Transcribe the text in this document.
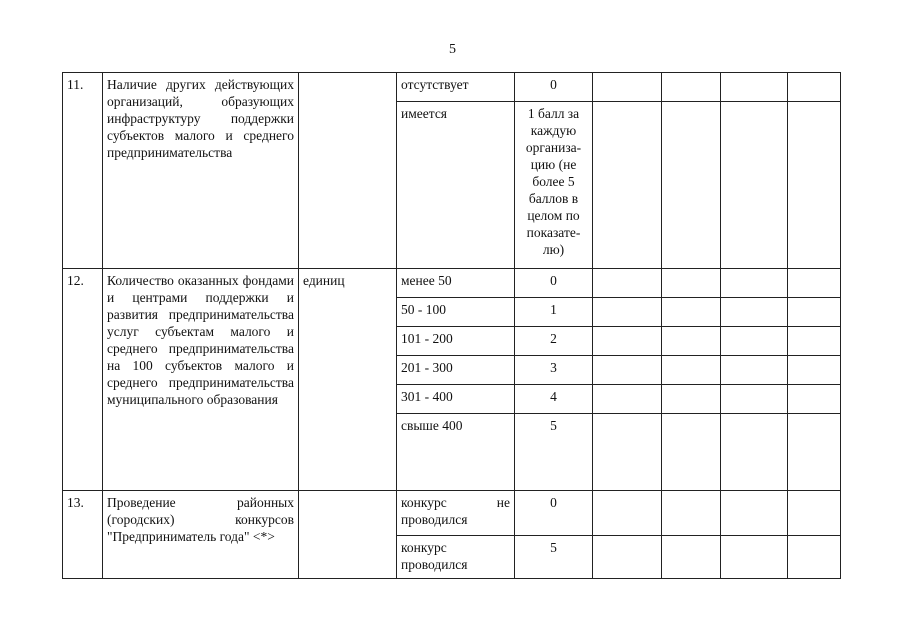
5
11.	Наличие других действующих организаций, образующих инфраструктуру поддержки субъектов малого и среднего предпринимательства		отсутствует	0				
			имеется	1 балл за каждую организа-цию (не более 5 баллов в целом по показате-лю)				
12.	Количество оказанных фондами и центрами поддержки и развития предпринимательства услуг субъектам малого и среднего предпринимательства на 100 субъектов малого и среднего предпринимательства муниципального образования	единиц	менее 50	0				
			50 - 100	1				
			101 - 200	2				
			201 - 300	3				
			301 - 400	4				
			свыше 400	5				
13.	Проведение районных (городских) конкурсов "Предприниматель года" <*>		конкурс не проводился	0				
			конкурс проводился	5				
